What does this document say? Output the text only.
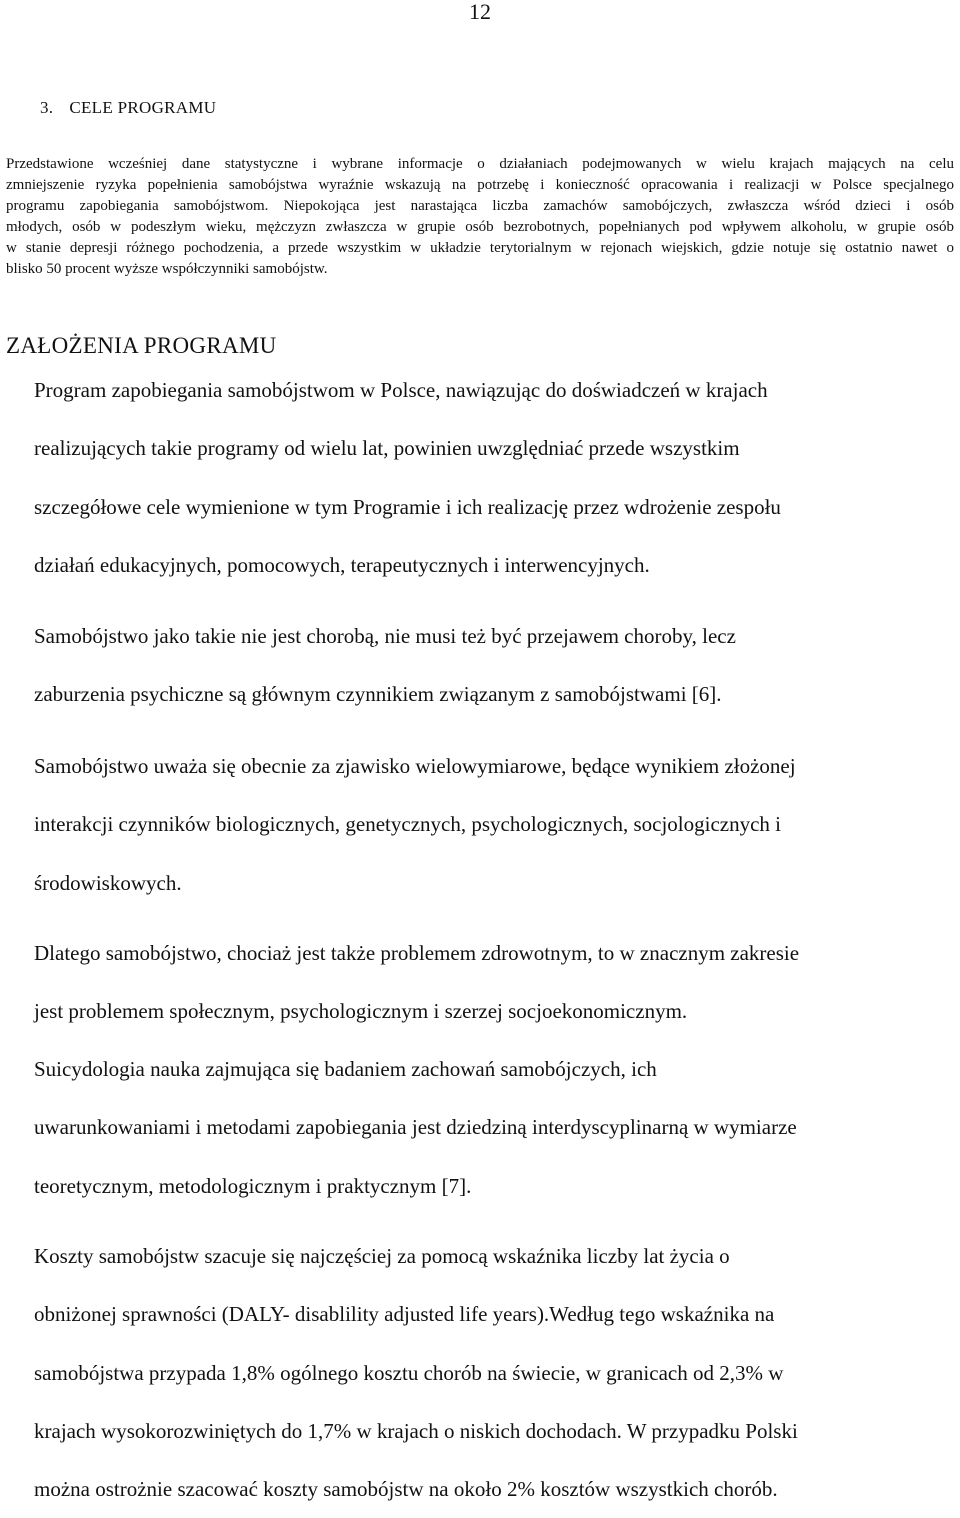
12
3. CELE PROGRAMU

Przedstawione wcześniej dane statystyczne i wybrane informacje o działaniach podejmowanych w wielu krajach mających na celu
zmniejszenie ryzyka popełnienia samobójstwa wyraźnie wskazują na potrzebę i konieczność opracowania i realizacji w Polsce specjalnego
programu zapobiegania samobójstwom. Niepokojąca jest narastająca liczba zamachów samobójczych, zwłaszcza wśród dzieci i osób
młodych, osób w podeszłym wieku, mężczyzn zwłaszcza w grupie osób bezrobotnych, popełnianych pod wpływem alkoholu, w grupie osób
w stanie depresji różnego pochodzenia, a przede wszystkim w układzie terytorialnym w rejonach wiejskich, gdzie notuje się ostatnio nawet o
blisko 50 procent wyższe współczynniki samobójstw.

ZAŁOŻENIA PROGRAMU

Program zapobiegania samobójstwom w Polsce, nawiązując do doświadczeń w krajach
realizujących takie programy od wielu lat, powinien uwzględniać przede wszystkim
szczegółowe cele wymienione w tym Programie i ich realizację przez wdrożenie zespołu
działań edukacyjnych, pomocowych, terapeutycznych i interwencyjnych.

Samobójstwo jako takie nie jest chorobą, nie musi też być przejawem choroby, lecz
zaburzenia psychiczne są głównym czynnikiem związanym z samobójstwami [6].

Samobójstwo uważa się obecnie za zjawisko wielowymiarowe, będące wynikiem złożonej
interakcji czynników biologicznych, genetycznych, psychologicznych, socjologicznych i
środowiskowych.

Dlatego samobójstwo, chociaż jest także problemem zdrowotnym, to w znacznym zakresie
jest problemem społecznym, psychologicznym i szerzej socjoekonomicznym.

Suicydologia nauka zajmująca się badaniem zachowań samobójczych, ich
uwarunkowaniami i metodami zapobiegania jest dziedziną interdyscyplinarną w wymiarze
teoretycznym, metodologicznym i praktycznym [7].

Koszty samobójstw szacuje się najczęściej za pomocą wskaźnika liczby lat życia o
obniżonej sprawności (DALY- disablility adjusted life years).Według tego wskaźnika na
samobójstwa przypada 1,8% ogólnego kosztu chorób na świecie, w granicach od 2,3% w
krajach wysokorozwiniętych do 1,7% w krajach o niskich dochodach. W przypadku Polski
można ostrożnie szacować koszty samobójstw na około 2% kosztów wszystkich chorób.
